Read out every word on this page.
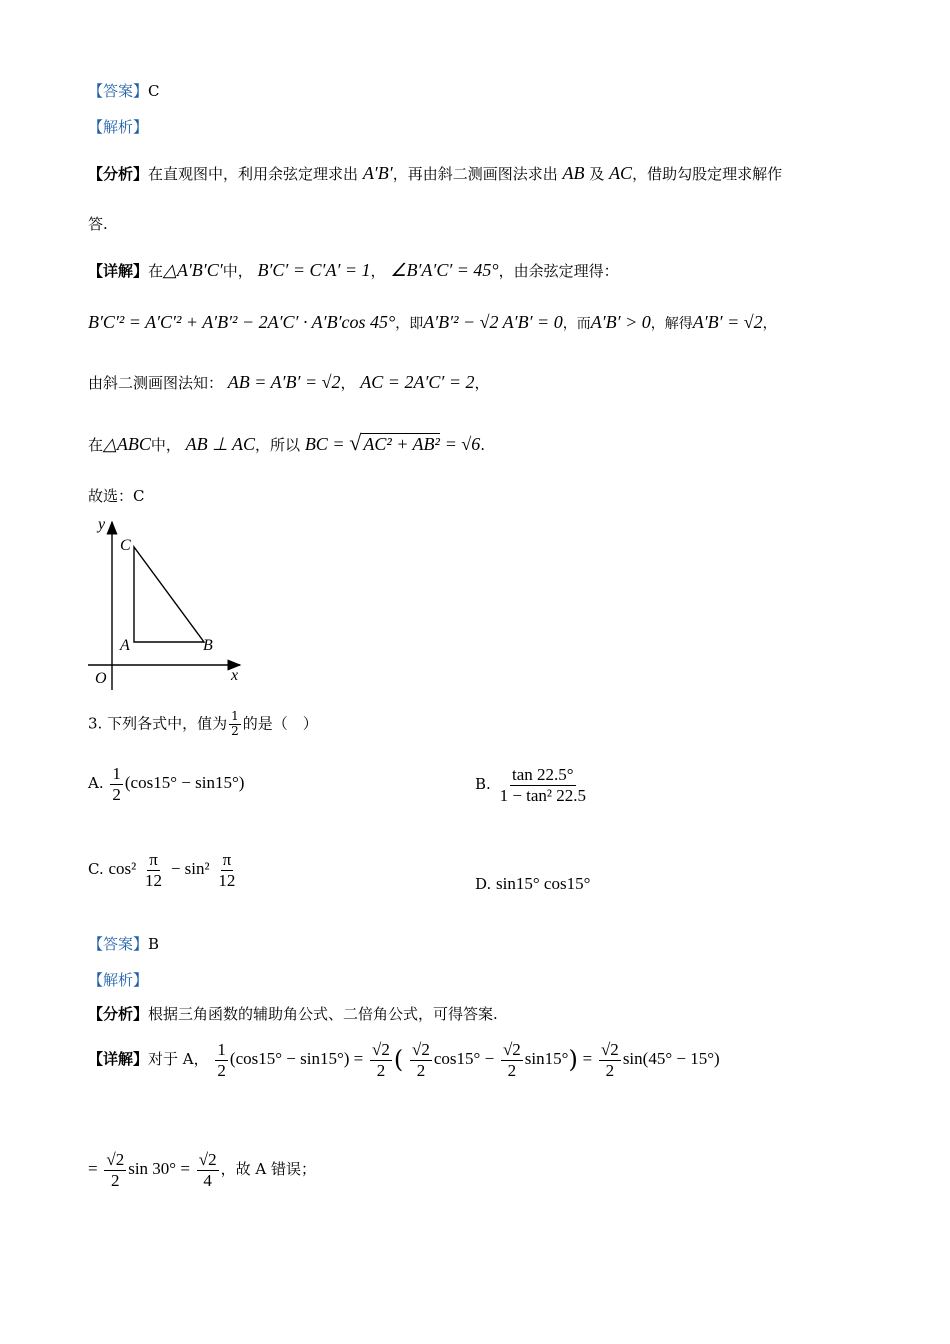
【答案】C
【解析】
【分析】在直观图中，利用余弦定理求出 A′B′，再由斜二测画图法求出 AB 及 AC，借助勾股定理求解作
答.
【详解】在△A′B′C′中， B′C′ = C′A′ = 1， ∠B′A′C′ = 45°，由余弦定理得：
B′C′² = A′C′² + A′B′² − 2A′C′ · A′B′cos 45°，即A′B′² − √2 A′B′ = 0，而A′B′ > 0，解得A′B′ = √2，
由斜二测画图法知： AB = A′B′ = √2， AC = 2A′C′ = 2，
在△ABC中， AB ⊥ AC，所以 BC = √ AC² + AB² = √6.
故选：C
y
C
A	B
O	x
3. 下列各式中，值为 $\frac{1}{2}$ 的是（　）
A. $\frac{1}{2} (\cos 15^\circ - \sin 15^\circ)$	B. $\frac{\tan 22.5^\circ}{\text{1 − tan² 22.5}}$
C. $\cos^2 \frac{\pi}{12} - \sin^2 \frac{\pi}{12}$	D. sin15° cos15°
【答案】B
【解析】
【分析】根据三角函数的辅助角公式、二倍角公式，可得答案.
【详解】对于 A， $\frac{1}{2} (\cos 15^\circ - \sin 15^\circ) = \frac{√2}{2}$ ( $\frac{√2}{2} \cos 15^\circ - \frac{√2}{2} \sin 15^\circ) = \frac{√2}{2} \sin(45^\circ - 15^\circ)$
= $\frac{√2}{2}$ $\sin 30^\circ = \frac{√2}{4}$ ，故 A 错误；
